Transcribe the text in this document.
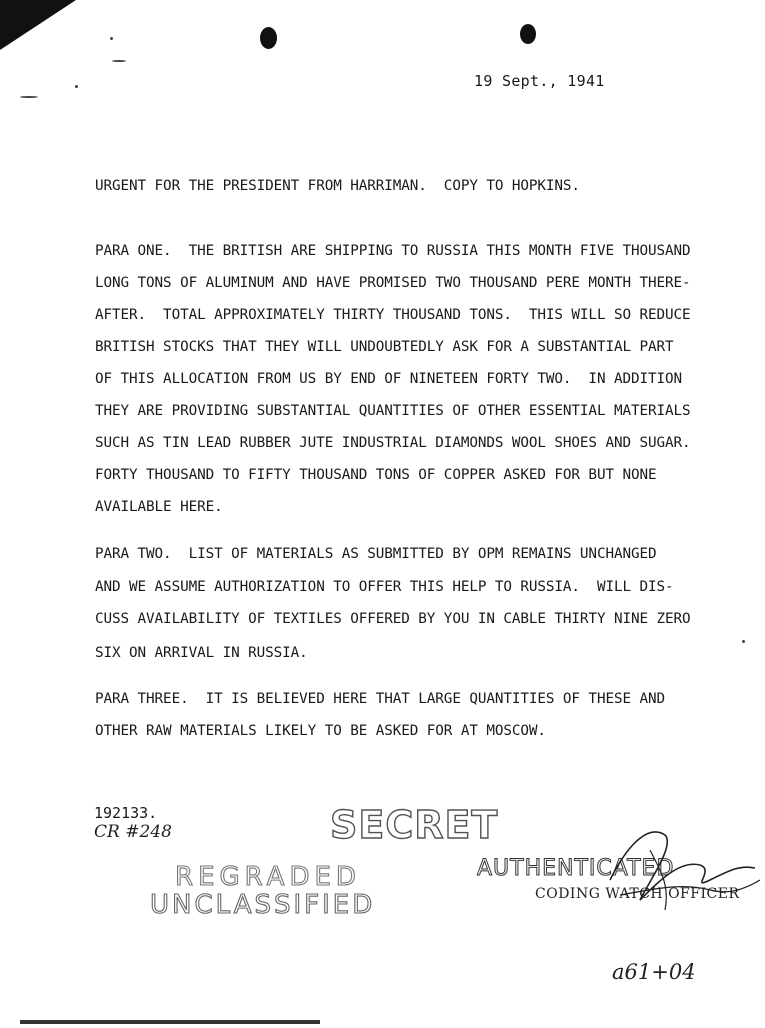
19 Sept., 1941
URGENT FOR THE PRESIDENT FROM HARRIMAN.  COPY TO HOPKINS.
PARA ONE.  THE BRITISH ARE SHIPPING TO RUSSIA THIS MONTH FIVE THOUSAND
LONG TONS OF ALUMINUM AND HAVE PROMISED TWO THOUSAND PERE MONTH THERE-
AFTER.  TOTAL APPROXIMATELY THIRTY THOUSAND TONS.  THIS WILL SO REDUCE
BRITISH STOCKS THAT THEY WILL UNDOUBTEDLY ASK FOR A SUBSTANTIAL PART
OF THIS ALLOCATION FROM US BY END OF NINETEEN FORTY TWO.  IN ADDITION
THEY ARE PROVIDING SUBSTANTIAL QUANTITIES OF OTHER ESSENTIAL MATERIALS
SUCH AS TIN LEAD RUBBER JUTE INDUSTRIAL DIAMONDS WOOL SHOES AND SUGAR.
FORTY THOUSAND TO FIFTY THOUSAND TONS OF COPPER ASKED FOR BUT NONE
AVAILABLE HERE.
PARA TWO.  LIST OF MATERIALS AS SUBMITTED BY OPM REMAINS UNCHANGED
AND WE ASSUME AUTHORIZATION TO OFFER THIS HELP TO RUSSIA.  WILL DIS-
CUSS AVAILABILITY OF TEXTILES OFFERED BY YOU IN CABLE THIRTY NINE ZERO
SIX ON ARRIVAL IN RUSSIA.
PARA THREE.  IT IS BELIEVED HERE THAT LARGE QUANTITIES OF THESE AND
OTHER RAW MATERIALS LIKELY TO BE ASKED FOR AT MOSCOW.
192133.
CR #248	SECRET
REGRADED
UNCLASSIFIED
AUTHENTICATED
CODING WATCH OFFICER
a61+04
